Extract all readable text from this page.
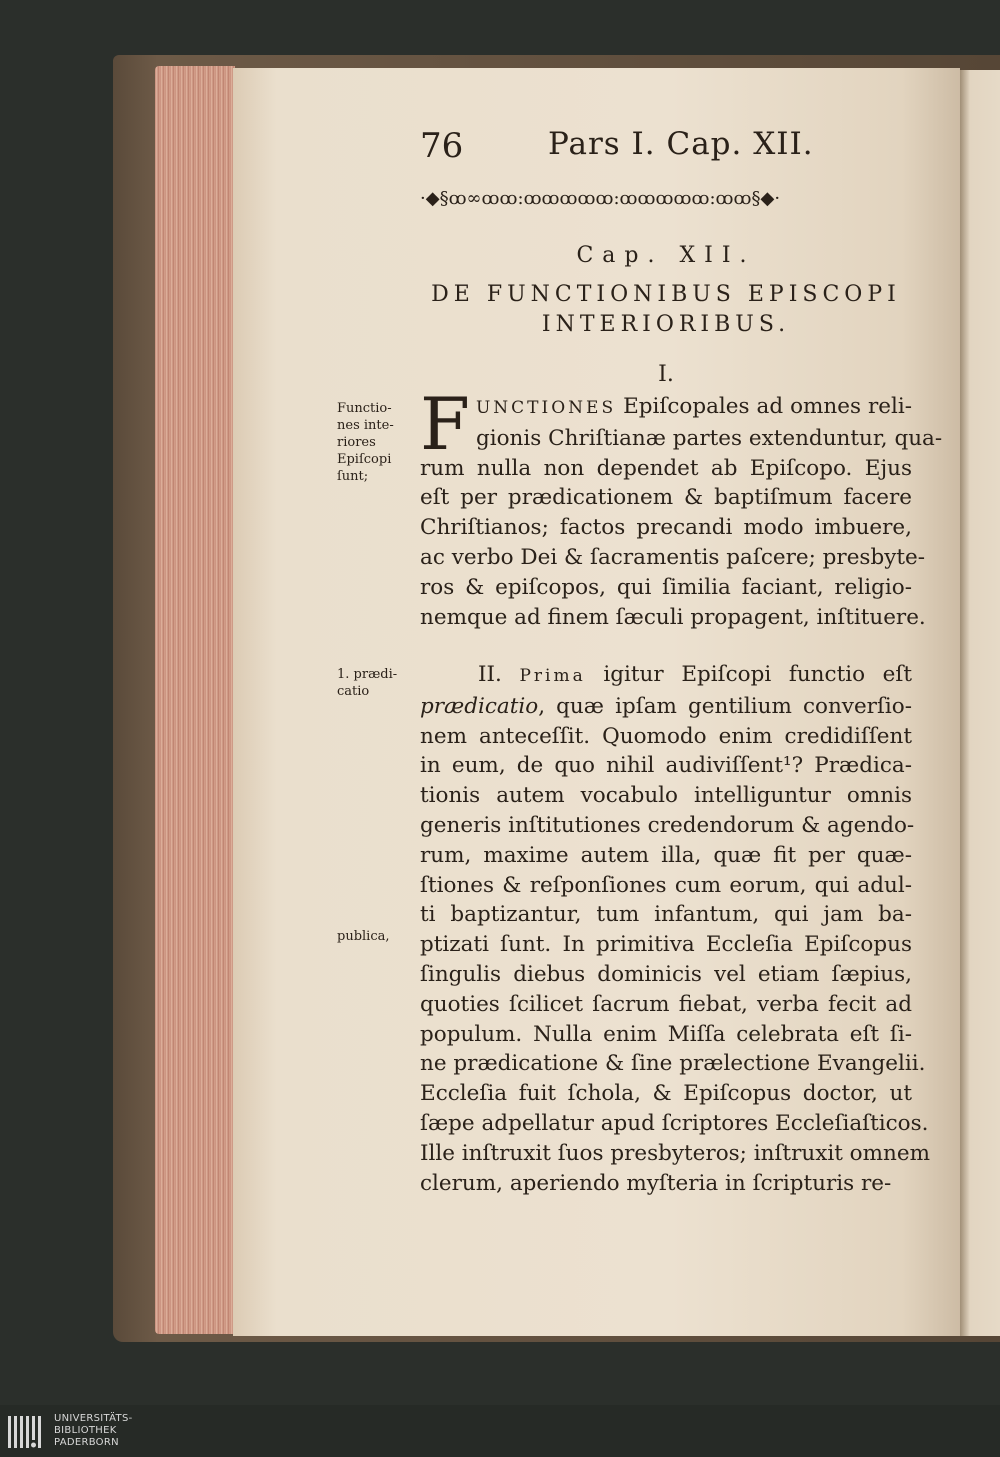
76	Pars I. Cap. XII.
·◆§ꝏ∞ꝏꝏ:ꝏꝏꝏꝏꝏ:ꝏꝏꝏꝏꝏ:ꝏꝏ§◆·
Cap. XII.
DE FUNCTIONIBUS EPISCOPI
INTERIORIBUS.
I.
F UNCTIONES Epiſcopales ad omnes reli-
gionis Chriſtianæ partes extenduntur, qua-
rum nulla non dependet ab Epiſcopo. Ejus
eſt per prædicationem & baptiſmum facere
Chriſtianos; factos precandi modo imbuere,
ac verbo Dei & ſacramentis paſcere; presbyte-
ros & epiſcopos, qui ſimilia faciant, religio-
nemque ad finem ſæculi propagent, inſtituere.
II. Prima igitur Epiſcopi functio eſt
prædicatio, quæ ipſam gentilium converſio-
nem anteceſſit. Quomodo enim credidiſſent
in eum, de quo nihil audiviſſent¹? Prædica-
tionis autem vocabulo intelliguntur omnis
generis inſtitutiones credendorum & agendo-
rum, maxime autem illa, quæ fit per quæ-
ſtiones & reſponſiones cum eorum, qui adul-
ti baptizantur, tum infantum, qui jam ba-
ptizati ſunt. In primitiva Eccleſia Epiſcopus
ſingulis diebus dominicis vel etiam ſæpius,
quoties ſcilicet ſacrum fiebat, verba fecit ad
populum. Nulla enim Miſſa celebrata eſt ſi-
ne prædicatione & ſine prælectione Evangelii.
Eccleſia fuit ſchola, & Epiſcopus doctor, ut
ſæpe adpellatur apud ſcriptores Eccleſiaſticos.
Ille inſtruxit ſuos presbyteros; inſtruxit omnem
clerum, aperiendo myſteria in ſcripturis re-
Functio-
nes inte-
riores
Epiſcopi
ſunt;
1. prædi-
catio
publica,
UNIVERSITÄTS-
BIBLIOTHEK
PADERBORN
